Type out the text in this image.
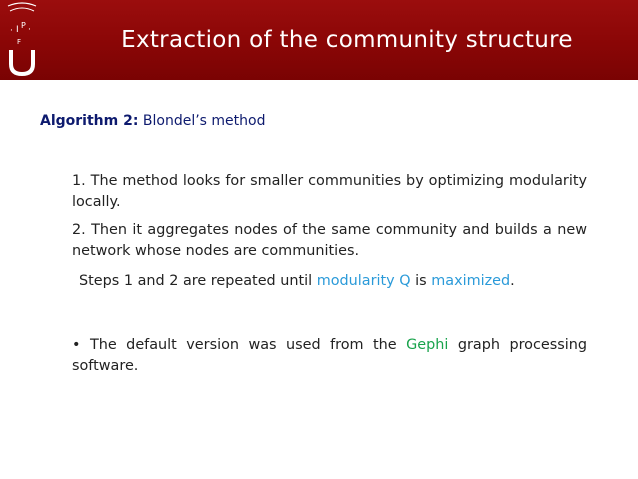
· I P ·
F	Extraction of the community structure
Algorithm 2: Blondel’s method
1. The method looks for smaller communities by optimizing modularity locally.
2. Then it aggregates nodes of the same community and builds a new network whose nodes are communities.
Steps 1 and 2 are repeated until modularity Q is maximized.
• The default version was used from the Gephi graph processing software.
